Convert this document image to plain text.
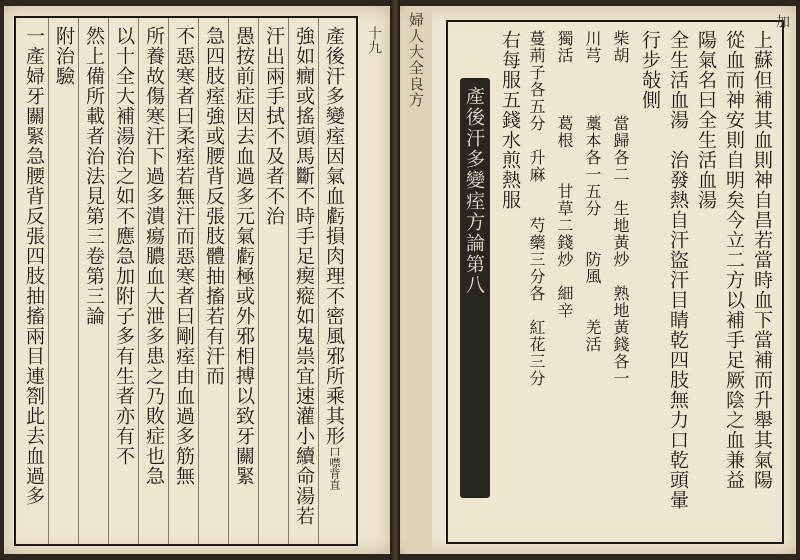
產後汗多變痓因氣血虧損肉理不密風邪所乘其形口噤背直
強如癇或搖頭馬斷不時手足瘈瘲如鬼祟宜速灌小續命湯若
汗出兩手拭不及者不治
愚按前症因去血過多元氣虧極或外邪相搏以致牙關緊
急四肢痓強或腰背反張肢體抽搐若有汗而
不惡寒者曰柔痓若無汗而惡寒者曰剛痓由血過多筋無
所養故傷寒汗下過多潰瘍膿血大泄多患之乃敗症也急
以十全大補湯治之如不應急加附子多有生者亦有不
然上備所載者治法見第三卷第三論
附治驗
一產婦牙關緊急腰背反張四肢抽搐兩目連劄此去血過多	十九 婦人大全良方	上蘇但補其血則神自昌若當時血下當補而升舉其氣陽
從血而神安則自明矣今立二方以補手足厥陰之血兼益
陽氣名曰全生活血湯
全生活血湯　治發熱自汗盜汗目睛乾四肢無力口乾頭暈
行步敧側
柴胡　　　當歸各二　生地黃炒　熟地黃錢各一
川芎　　　藁本各一五分　　防風　　羌活
獨活　　　葛根　　甘草二錢炒　細辛
蔓荊子各五分　升麻　　芍藥三分各　紅花三分
右每服五錢水煎熱服
產後汗多變痓方論第八
加
